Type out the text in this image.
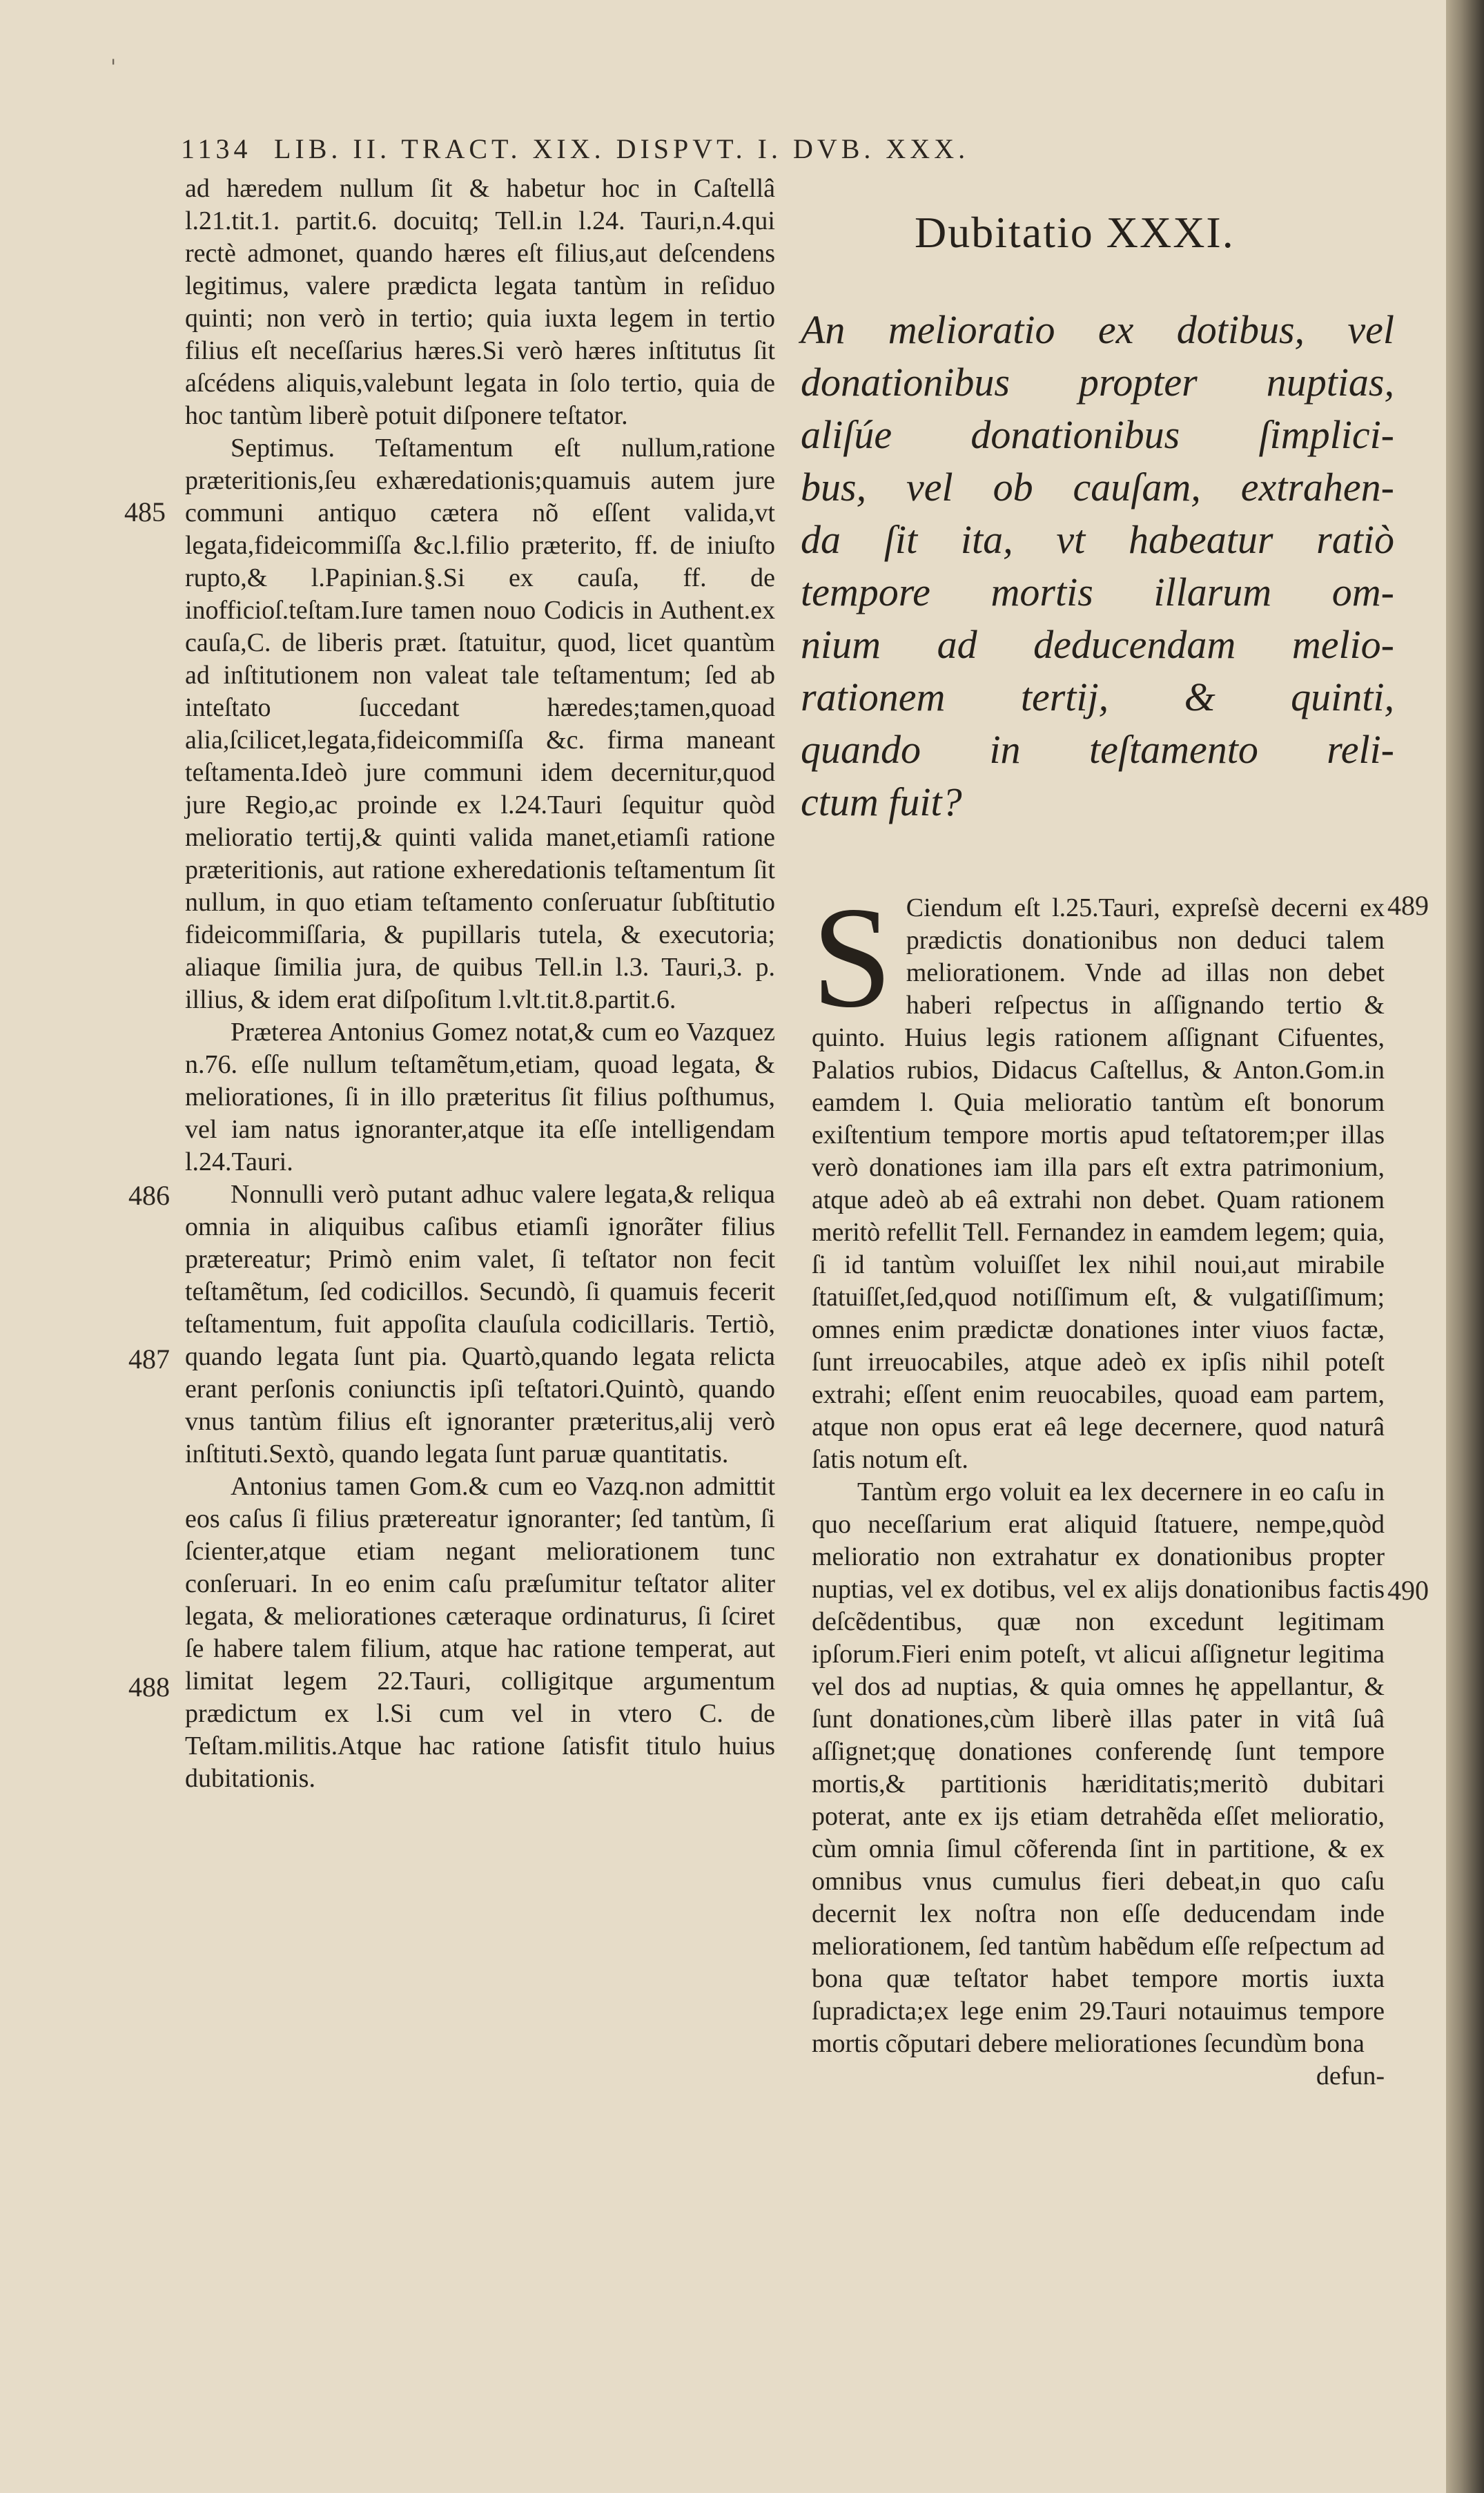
'
1134 LIB. II. TRACT. XIX. DISPVT. I. DVB. XXX.

ad hæredem nullum ſit & habetur hoc in Caſtellâ l.21.tit.1. partit.6. docuitq; Tell.in l.24. Tauri,n.4.qui rectè admonet, quando hæres eſt filius,aut deſcendens legitimus, valere prædicta legata tantùm in reſiduo quinti; non verò in tertio; quia iuxta legem in tertio filius eſt neceſſarius hæres.Si verò hæres inſtitutus ſit aſcédens aliquis,valebunt legata in ſolo tertio, quia de hoc tantùm liberè potuit diſponere teſtator.

Septimus. Teſtamentum eſt nullum,ratione præteritionis,ſeu exhæredationis;quamuis autem jure communi antiquo cætera nõ eſſent valida,vt legata,fideicommiſſa &c.l.filio præterito, ff. de iniuſto rupto,& l.Papinian.§.Si ex cauſa, ff. de inofficioſ.teſtam.Iure tamen nouo Codicis in Authent.ex cauſa,C. de liberis præt. ſtatuitur, quod, licet quantùm ad inſtitutionem non valeat tale teſtamentum; ſed ab inteſtato ſuccedant hæredes;tamen,quoad alia,ſcilicet,legata,fideicommiſſa &c. firma maneant teſtamenta.Ideò jure communi idem decernitur,quod jure Regio,ac proinde ex l.24.Tauri ſequitur quòd melioratio tertij,& quinti valida manet,etiamſi ratione præteritionis, aut ratione exheredationis teſtamentum ſit nullum, in quo etiam teſtamento conſeruatur ſubſtitutio fideicommiſſaria, & pupillaris tutela, & executoria; aliaque ſimilia jura, de quibus Tell.in l.3. Tauri,3. p. illius, & idem erat diſpoſitum l.vlt.tit.8.partit.6.

Præterea Antonius Gomez notat,& cum eo Vazquez n.76. eſſe nullum teſtamẽtum,etiam, quoad legata, & meliorationes, ſi in illo præteritus ſit filius poſthumus, vel iam natus ignoranter,atque ita eſſe intelligendam l.24.Tauri.

Nonnulli verò putant adhuc valere legata,& reliqua omnia in aliquibus caſibus etiamſi ignorãter filius prætereatur; Primò enim valet, ſi teſtator non fecit teſtamẽtum, ſed codicillos. Secundò, ſi quamuis fecerit teſtamentum, fuit appoſita clauſula codicillaris. Tertiò, quando legata ſunt pia. Quartò,quando legata relicta erant perſonis coniunctis ipſi teſtatori.Quintò, quando vnus tantùm filius eſt ignoranter præteritus,alij verò inſtituti.Sextò, quando legata ſunt paruæ quantitatis.

Antonius tamen Gom.& cum eo Vazq.non admittit eos caſus ſi filius prætereatur ignoranter; ſed tantùm, ſi ſcienter,atque etiam negant meliorationem tunc conſeruari. In eo enim caſu præſumitur teſtator aliter legata, & meliorationes cæteraque ordinaturus, ſi ſciret ſe habere talem filium, atque hac ratione temperat, aut limitat legem 22.Tauri, colligitque argumentum prædictum ex l.Si cum vel in vtero C. de Teſtam.militis.Atque hac ratione ſatisfit titulo huius dubitationis.

485
486
487
488
489
490
Dubitatio XXXI.
An melioratio ex dotibus, vel
donationibus propter nuptias,
aliſúe donationibus ſimplici-
bus, vel ob cauſam, extrahen-
da ſit ita, vt habeatur ratiò
tempore mortis illarum om-
nium ad deducendam melio-
rationem tertij, & quinti,
quando in teſtamento reli-
ctum fuit?

S Ciendum eſt l.25.Tauri, expreſsè decerni ex prædictis donationibus non deduci talem meliorationem. Vnde ad illas non debet haberi reſpectus in aſſignando tertio & quinto. Huius legis rationem aſſignant Cifuentes, Palatios rubios, Didacus Caſtellus, & Anton.Gom.in eamdem l. Quia melioratio tantùm eſt bonorum exiſtentium tempore mortis apud teſtatorem;per illas verò donationes iam illa pars eſt extra patrimonium, atque adeò ab eâ extrahi non debet. Quam rationem meritò refellit Tell. Fernandez in eamdem legem; quia, ſi id tantùm voluiſſet lex nihil noui,aut mirabile ſtatuiſſet,ſed,quod notiſſimum eſt, & vulgatiſſimum; omnes enim prædictæ donationes inter viuos factæ, ſunt irreuocabiles, atque adeò ex ipſis nihil poteſt extrahi; eſſent enim reuocabiles, quoad eam partem, atque non opus erat eâ lege decernere, quod naturâ ſatis notum eſt.

Tantùm ergo voluit ea lex decernere in eo caſu in quo neceſſarium erat aliquid ſtatuere, nempe,quòd melioratio non extrahatur ex donationibus propter nuptias, vel ex dotibus, vel ex alijs donationibus factis deſcẽdentibus, quæ non excedunt legitimam ipſorum.Fieri enim poteſt, vt alicui aſſignetur legitima vel dos ad nuptias, & quia omnes hę appellantur, & ſunt donationes,cùm liberè illas pater in vitâ ſuâ aſſignet;quę donationes conferendę ſunt tempore mortis,& partitionis hæriditatis;meritò dubitari poterat, ante ex ijs etiam detrahẽda eſſet melioratio, cùm omnia ſimul cõferenda ſint in partitione, & ex omnibus vnus cumulus fieri debeat,in quo caſu decernit lex noſtra non eſſe deducendam inde meliorationem, ſed tantùm habẽdum eſſe reſpectum ad bona quæ teſtator habet tempore mortis iuxta ſupradicta;ex lege enim 29.Tauri notauimus tempore mortis cõputari debere meliorationes ſecundùm bona

defun-
